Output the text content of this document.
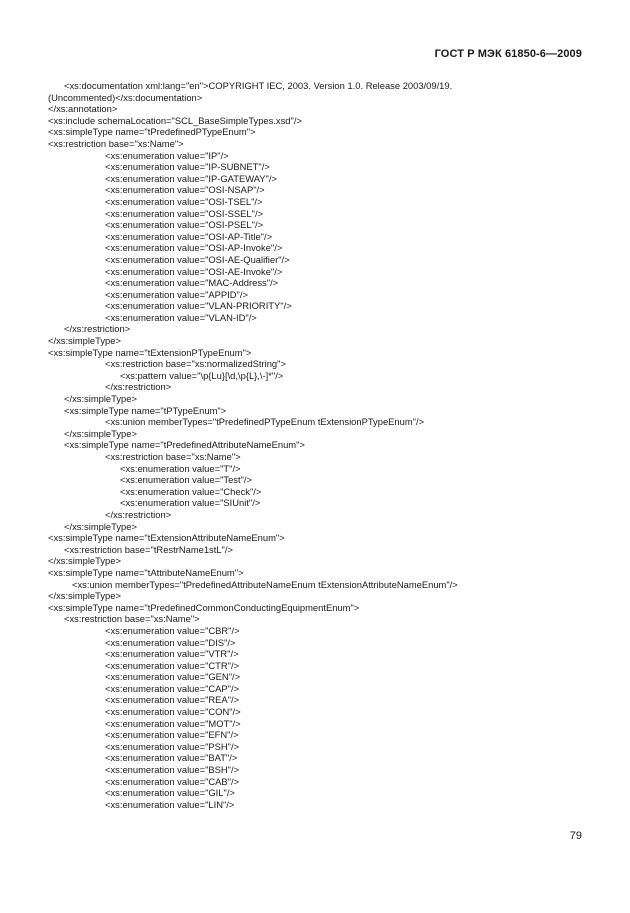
ГОСТ Р МЭК 61850-6—2009
<xs:documentation xml:lang="en">COPYRIGHT IEC, 2003. Version 1.0. Release 2003/09/19.
(Uncommented)</xs:documentation>
</xs:annotation>
<xs:include schemaLocation="SCL_BaseSimpleTypes.xsd"/>
<xs:simpleType name="tPredefinedPTypeEnum">
<xs:restriction base="xs:Name">
<xs:enumeration value="IP"/>
<xs:enumeration value="IP-SUBNET"/>
<xs:enumeration value="IP-GATEWAY"/>
<xs:enumeration value="OSI-NSAP"/>
<xs:enumeration value="OSI-TSEL"/>
<xs:enumeration value="OSI-SSEL"/>
<xs:enumeration value="OSI-PSEL"/>
<xs:enumeration value="OSI-AP-Title"/>
<xs:enumeration value="OSI-AP-Invoke"/>
<xs:enumeration value="OSI-AE-Qualifier"/>
<xs:enumeration value="OSI-AE-Invoke"/>
<xs:enumeration value="MAC-Address"/>
<xs:enumeration value="APPID"/>
<xs:enumeration value="VLAN-PRIORITY"/>
<xs:enumeration value="VLAN-ID"/>
</xs:restriction>
</xs:simpleType>
<xs:simpleType name="tExtensionPTypeEnum">
<xs:restriction base="xs:normalizedString">
<xs:pattern value="\p{Lu}[\d,\p{L},\-]*"/>
</xs:restriction>
</xs:simpleType>
<xs:simpleType name="tPTypeEnum">
<xs:union memberTypes="tPredefinedPTypeEnum tExtensionPTypeEnum"/>
</xs:simpleType>
<xs:simpleType name="tPredefinedAttributeNameEnum">
<xs:restriction base="xs:Name">
<xs:enumeration value="T"/>
<xs:enumeration value="Test"/>
<xs:enumeration value="Check"/>
<xs:enumeration value="SIUnit"/>
</xs:restriction>
</xs:simpleType>
<xs:simpleType name="tExtensionAttributeNameEnum">
<xs:restriction base="tRestrName1stL"/>
</xs:simpleType>
<xs:simpleType name="tAttributeNameEnum">
<xs:union memberTypes="tPredefinedAttributeNameEnum tExtensionAttributeNameEnum"/>
</xs:simpleType>
<xs:simpleType name="tPredefinedCommonConductingEquipmentEnum">
<xs:restriction base="xs:Name">
<xs:enumeration value="CBR"/>
<xs:enumeration value="DIS"/>
<xs:enumeration value="VTR"/>
<xs:enumeration value="CTR"/>
<xs:enumeration value="GEN"/>
<xs:enumeration value="CAP"/>
<xs:enumeration value="REA"/>
<xs:enumeration value="CON"/>
<xs:enumeration value="MOT"/>
<xs:enumeration value="EFN"/>
<xs:enumeration value="PSH"/>
<xs:enumeration value="BAT"/>
<xs:enumeration value="BSH"/>
<xs:enumeration value="CAB"/>
<xs:enumeration value="GIL"/>
<xs:enumeration value="LIN"/>
79
